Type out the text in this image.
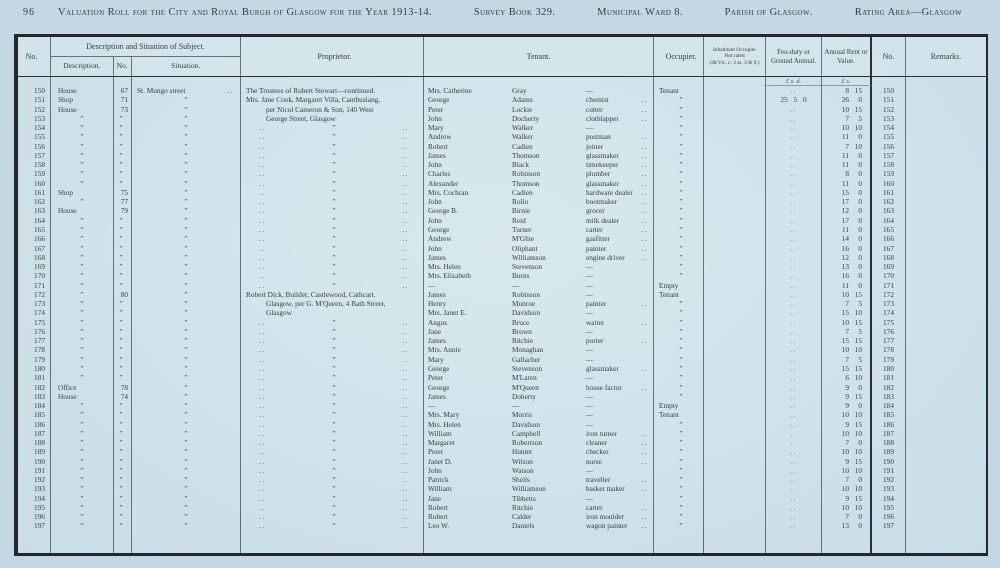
96	Valuation Roll for the City and Royal Burgh of Glasgow for the Year 1913-14.	Survey Book 329.	Municipal Ward 8.	Parish of Glasgow.	Rating Area—Glasgow
No.
Description and Situation of Subject.
Description.	No.	Situation.
Proprietor.	Tenant.	Occupier.
Inhabitant Occupier
Not rated
(48 Vic. c. 3 ss. 3 & 9.)
Feu-duty or Ground Annual.
Annual Rent or Value.	No.	Remarks.
£ s. d.	£ s.
150	House	67	St. Mungo street	..	The Trustees of Robert Stewart—continued.	Mrs. Catherine	Gray	—	Tenant	..	8 15	150
151	Shop	71	”	Mrs. Jane Cook, Margaret Villa, Cambuslang,	George	Adams	chemist	..	”	25 5 0	26	0	151
152	House	73	”	per Nicol Cameron & Son, 140 West	Peter	Lockie	cutter	..	”	..	10 15	152
153	”	”	”	George Street, Glasgow	John	Docherty	clothlapper	..	”	..	7	5	153
154	”	”	”	..	”	..	Mary	Walker	—	”	..	10 10	154
155	”	”	”	..	”	..	Andrew	Walker	postman	..	”	..	11	0	155
156	”	”	”	..	”	..	Robert	Cadien	joiner	..	”	..	7 10	156
157	”	”	”	..	”	..	James	Thomson	glassmaker	..	”	..	11	0	157
158	”	”	”	..	”	..	John	Black	timekeeper	..	”	..	11	0	158
159	”	”	”	..	”	..	Charles	Robinson	plumber	..	”	..	8	0	159
160	”	”	”	..	”	..	Alexander	Thomson	glassmaker	..	”	..	11	0	160
161	Shop	75	”	..	”	..	Mrs. Cochran	Cadien	hardware dealer	..	”	..	15	0	161
162	”	77	”	..	”	..	John	Rollo	bootmaker	..	”	..	17	0	162
163	House	79	”	..	”	..	George B.	Birnie	grocer	..	”	..	12	0	163
164	”	”	”	..	”	..	John	Reid	milk dealer	..	”	..	17	0	164
165	”	”	”	..	”	..	George	Turner	carter	..	”	..	11	0	165
166	”	”	”	..	”	..	Andrew	M'Ghie	gasfitter	..	”	..	14	0	166
167	”	”	”	..	”	..	John	Oliphant	painter	..	”	..	16	0	167
168	”	”	”	..	”	..	James	Williamson	engine driver	..	”	..	12	0	168
169	”	”	”	..	”	..	Mrs. Helen	Stevenson	—	”	..	13	0	169
170	”	”	”	..	”	..	Mrs. Elizabeth	Burns	—	”	..	16	0	170
171	”	”	”	..	”	..	—	—	—	Empty	..	11	0	171
172	”	80	”	Robert Dick, Builder, Castlewood, Cathcart.	James	Robinson	—	Tenant	..	10 15	172
173	”	”	”	Glasgow, per G. M'Queen, 4 Bath Street,	Henry	Munroe	painter	..	”	..	7	5	173
174	”	”	”	Glasgow	Mrs. Janet E.	Davidson	—	”	..	15 10	174
175	”	”	”	..	”	..	Angus	Bruce	waiter	..	”	..	10 15	175
176	”	”	”	..	”	..	Jane	Brown	—	”	..	7	5	176
177	”	”	”	..	”	..	James	Ritchie	porter	..	”	..	15 15	177
178	”	”	”	..	”	..	Mrs. Annie	Monaghan	—	”	..	10 10	178
179	”	”	”	..	”	..	Mary	Gallacher	—	”	..	7	5	179
180	”	”	”	..	”	..	George	Stevenson	glassmaker	..	”	..	15 15	180
181	”	”	”	..	”	..	Peter	M'Laren	—	”	..	6 10	181
182	Office	78	”	..	”	..	George	M'Queen	house factor	..	”	..	9	0	182
183	House	74	”	..	”	..	James	Doherty	—	”	..	9 15	183
184	”	”	”	..	”	..	—	—	—	Empty	..	9	0	184
185	”	”	”	..	”	..	Mrs. Mary	Morris	—	Tenant	..	10 10	185
186	”	”	”	..	”	..	Mrs. Helen	Davidson	—	”	..	9 15	186
187	”	”	”	..	”	..	William	Campbell	iron turner	..	”	..	10 10	187
188	”	”	”	..	”	..	Margaret	Robertson	cleaner	..	”	..	7	0	188
189	”	”	”	..	”	..	Peter	Hunter	checker	..	”	..	10 10	189
190	”	”	”	..	”	..	Janet D.	Wilson	nurse	..	”	..	9 15	190
191	”	”	”	..	”	..	John	Watson	—	”	..	10 10	191
192	”	”	”	..	”	..	Patrick	Sheils	traveller	..	”	..	7	0	192
193	”	”	”	..	”	..	William	Williamson	basket maker	..	”	..	10 10	193
194	”	”	”	..	”	..	Jane	Tibbetts	—	”	..	9 15	194
195	”	”	”	..	”	..	Robert	Ritchie	carter	..	”	..	10 10	195
196	”	”	”	..	”	..	Robert	Calder	iron moulder	..	”	..	7	0	196
197	”	”	”	..	”	..	Leo W.	Daniels	wagon painter	..	”	..	13	0	197
